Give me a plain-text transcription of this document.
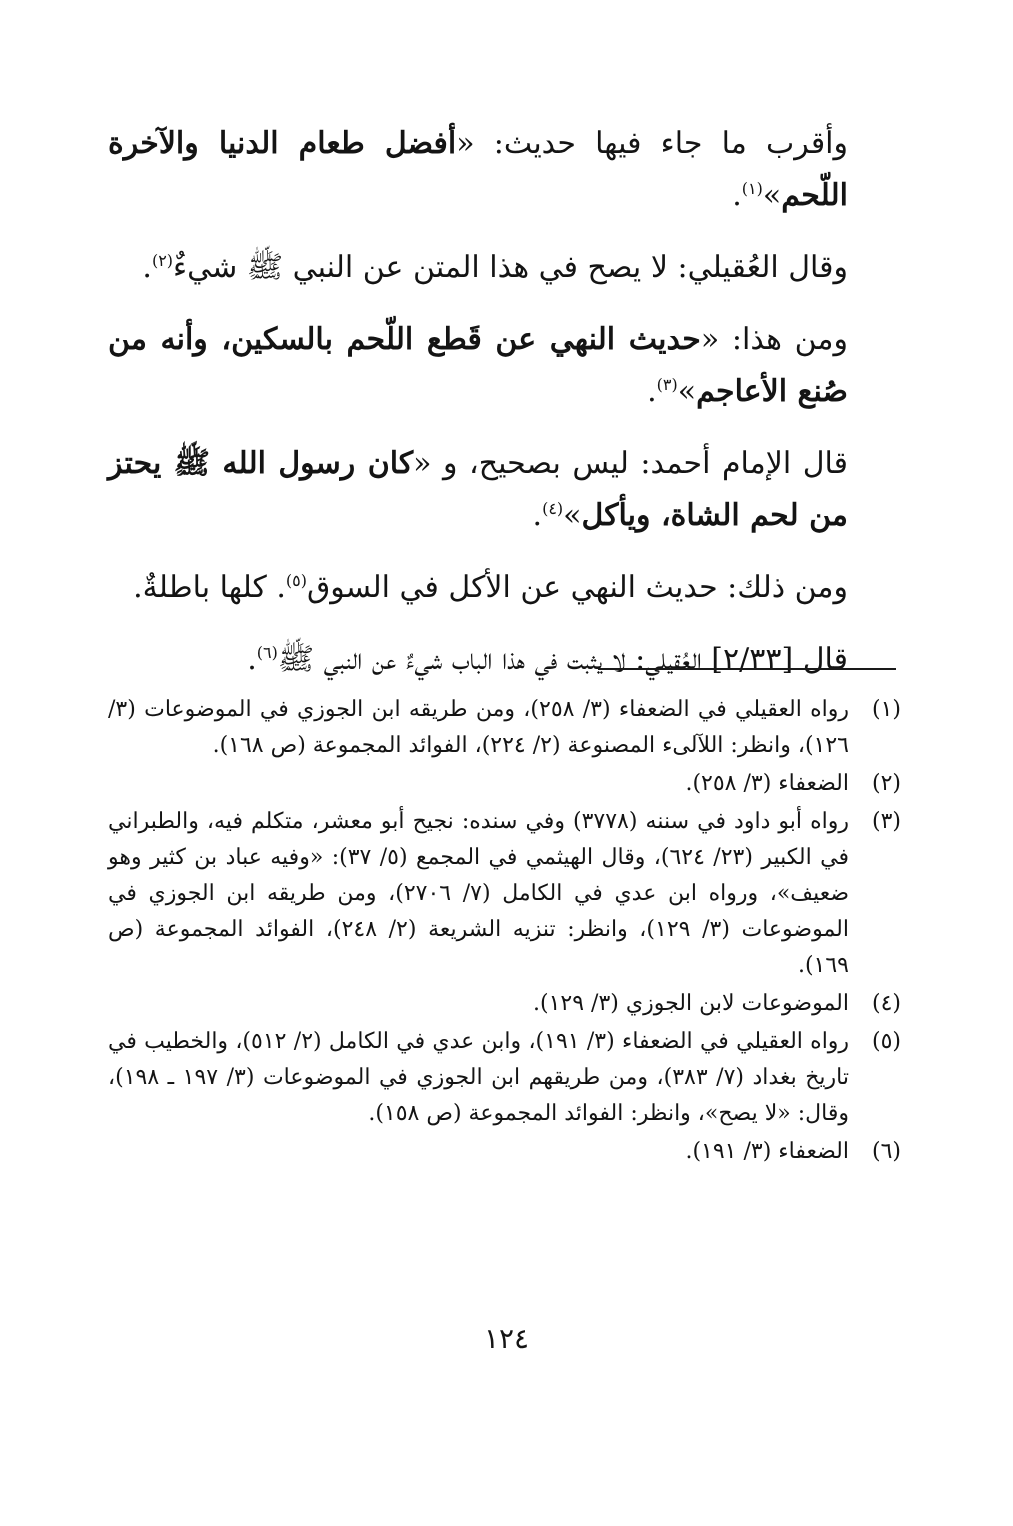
وأقرب ما جاء فيها حديث: «أفضل طعام الدنيا والآخرة اللّحم»$^{(١)}$.

وقال العُقيلي: لا يصح في هذا المتن عن النبي ﷺ شيءٌ$^{(٢)}$.

ومن هذا: «حديث النهي عن قَطع اللّحم بالسكين، وأنه من صُنع الأعاجم»$^{(٣)}$.

قال الإمام أحمد: ليس بصحيح، و «كان رسول الله ﷺ يحتز من لحم الشاة، ويأكل»$^{(٤)}$.

ومن ذلك: حديث النهي عن الأكل في السوق$^{(٥)}$. كلها باطلةٌ.

قال [٢/٣٣] العُقيلي: لا يثبت في هذا الباب شيءٌ عن النبي ﷺ$^{(٦)}$.

(١)
رواه العقيلي في الضعفاء (٣/ ٢٥٨)، ومن طريقه ابن الجوزي في الموضوعات (٣/ ١٢٦)، وانظر: اللآلىء المصنوعة (٢/ ٢٢٤)، الفوائد المجموعة (ص ١٦٨).
(٢)
الضعفاء (٣/ ٢٥٨).
(٣)
رواه أبو داود في سننه (٣٧٧٨) وفي سنده: نجيح أبو معشر، متكلم فيه، والطبراني في الكبير (٢٣/ ٦٢٤)، وقال الهيثمي في المجمع (٥/ ٣٧): «وفيه عباد بن كثير وهو ضعيف»، ورواه ابن عدي في الكامل (٧/ ٢٧٠٦)، ومن طريقه ابن الجوزي في الموضوعات (٣/ ١٢٩)، وانظر: تنزيه الشريعة (٢/ ٢٤٨)، الفوائد المجموعة (ص ١٦٩).
(٤)
الموضوعات لابن الجوزي (٣/ ١٢٩).
(٥)
رواه العقيلي في الضعفاء (٣/ ١٩١)، وابن عدي في الكامل (٢/ ٥١٢)، والخطيب في تاريخ بغداد (٧/ ٣٨٣)، ومن طريقهم ابن الجوزي في الموضوعات (٣/ ١٩٧ ـ ١٩٨)، وقال: «لا يصح»، وانظر: الفوائد المجموعة (ص ١٥٨).
(٦)
الضعفاء (٣/ ١٩١).
١٢٤
